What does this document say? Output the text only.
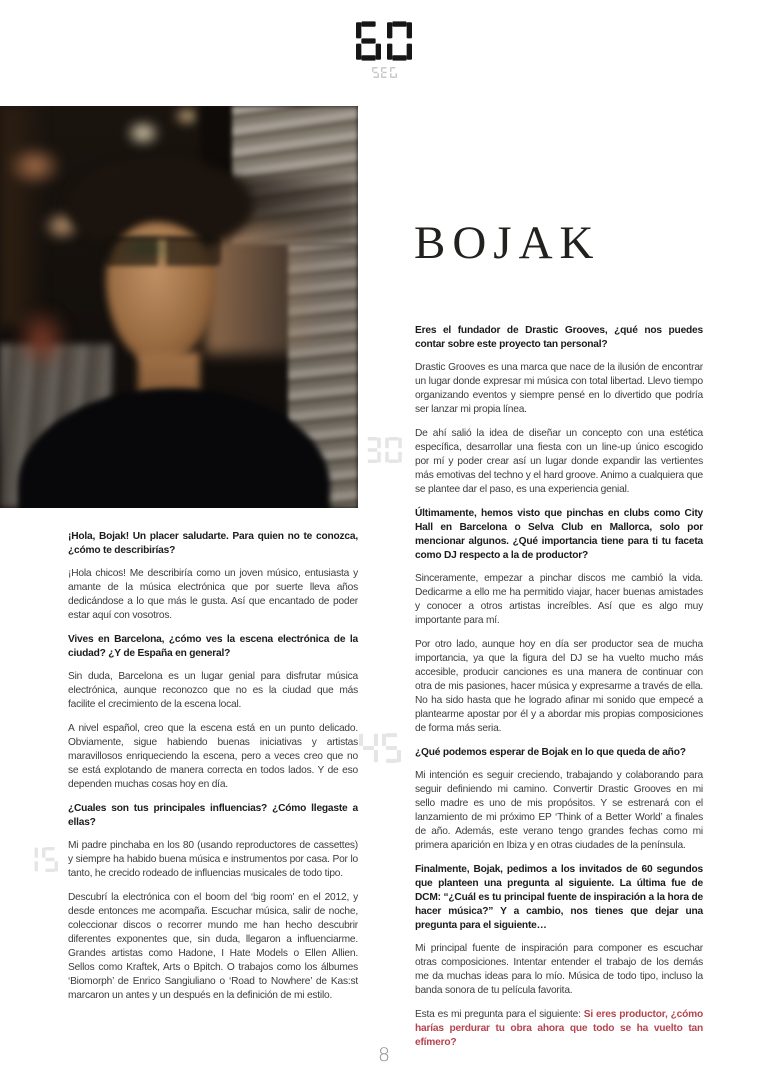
BOJAK

¡Hola, Bojak! Un placer saludarte. Para quien no te conozca, ¿cómo te describirías?

¡Hola chicos! Me describiría como un joven músico, entusiasta y amante de la música electrónica que por suerte lleva años dedicándose a lo que más le gusta. Así que encantado de poder estar aquí con vosotros.

Vives en Barcelona, ¿cómo ves la escena electrónica de la ciudad? ¿Y de España en general?

Sin duda, Barcelona es un lugar genial para disfrutar música electrónica, aunque reconozco que no es la ciudad que más facilite el crecimiento de la escena local.

A nivel español, creo que la escena está en un punto delicado. Obviamente, sigue habiendo buenas iniciativas y artistas maravillosos enriqueciendo la escena, pero a veces creo que no se está explotando de manera correcta en todos lados. Y de eso dependen muchas cosas hoy en día.

¿Cuales son tus principales influencias? ¿Cómo llegaste a ellas?

Mi padre pinchaba en los 80 (usando reproductores de cassettes) y siempre ha habido buena música e instrumentos por casa. Por lo tanto, he crecido rodeado de influencias musicales de todo tipo.

Descubrí la electrónica con el boom del ‘big room’ en el 2012, y desde entonces me acompaña. Escuchar música, salir de noche, coleccionar discos o recorrer mundo me han hecho descubrir diferentes exponentes que, sin duda, llegaron a influenciarme. Grandes artistas como Hadone, I Hate Models o Ellen Allien. Sellos como Kraftek, Arts o Bpitch. O trabajos como los álbumes ‘Biomorph’ de Enrico Sangiuliano o ‘Road to Nowhere’ de Kas:st marcaron un antes y un después en la definición de mi estilo.

Eres el fundador de Drastic Grooves, ¿qué nos puedes contar sobre este proyecto tan personal?

Drastic Grooves es una marca que nace de la ilusión de encontrar un lugar donde expresar mi música con total libertad. Llevo tiempo organizando eventos y siempre pensé en lo divertido que podría ser lanzar mi propia línea.

De ahí salió la idea de diseñar un concepto con una estética específica, desarrollar una fiesta con un line-up único escogido por mí y poder crear así un lugar donde expandir las vertientes más emotivas del techno y el hard groove. Animo a cualquiera que se plantee dar el paso, es una experiencia genial.

Últimamente, hemos visto que pinchas en clubs como City Hall en Barcelona o Selva Club en Mallorca, solo por mencionar algunos. ¿Qué importancia tiene para ti tu faceta como DJ respecto a la de productor?

Sinceramente, empezar a pinchar discos me cambió la vida. Dedicarme a ello me ha permitido viajar, hacer buenas amistades y conocer a otros artistas increíbles. Así que es algo muy importante para mí.

Por otro lado, aunque hoy en día ser productor sea de mucha importancia, ya que la figura del DJ se ha vuelto mucho más accesible, producir canciones es una manera de continuar con otra de mis pasiones, hacer música y expresarme a través de ella. No ha sido hasta que he logrado afinar mi sonido que empecé a plantearme apostar por él y a abordar mis propias composiciones de forma más seria.

¿Qué podemos esperar de Bojak en lo que queda de año?

Mi intención es seguir creciendo, trabajando y colaborando para seguir definiendo mi camino. Convertir Drastic Grooves en mi sello madre es uno de mis propósitos. Y se estrenará con el lanzamiento de mi próximo EP ‘Think of a Better World’ a finales de año. Además, este verano tengo grandes fechas como mi primera aparición en Ibiza y en otras ciudades de la península.

Finalmente, Bojak, pedimos a los invitados de 60 segundos que planteen una pregunta al siguiente. La última fue de DCM: “¿Cuál es tu principal fuente de inspiración a la hora de hacer música?” Y a cambio, nos tienes que dejar una pregunta para el siguiente…

Mi principal fuente de inspiración para componer es escuchar otras composiciones. Intentar entender el trabajo de los demás me da muchas ideas para lo mío. Música de todo tipo, incluso la banda sonora de tu película favorita.

Esta es mi pregunta para el siguiente: Si eres productor, ¿cómo harías perdurar tu obra ahora que todo se ha vuelto tan efímero?

8
